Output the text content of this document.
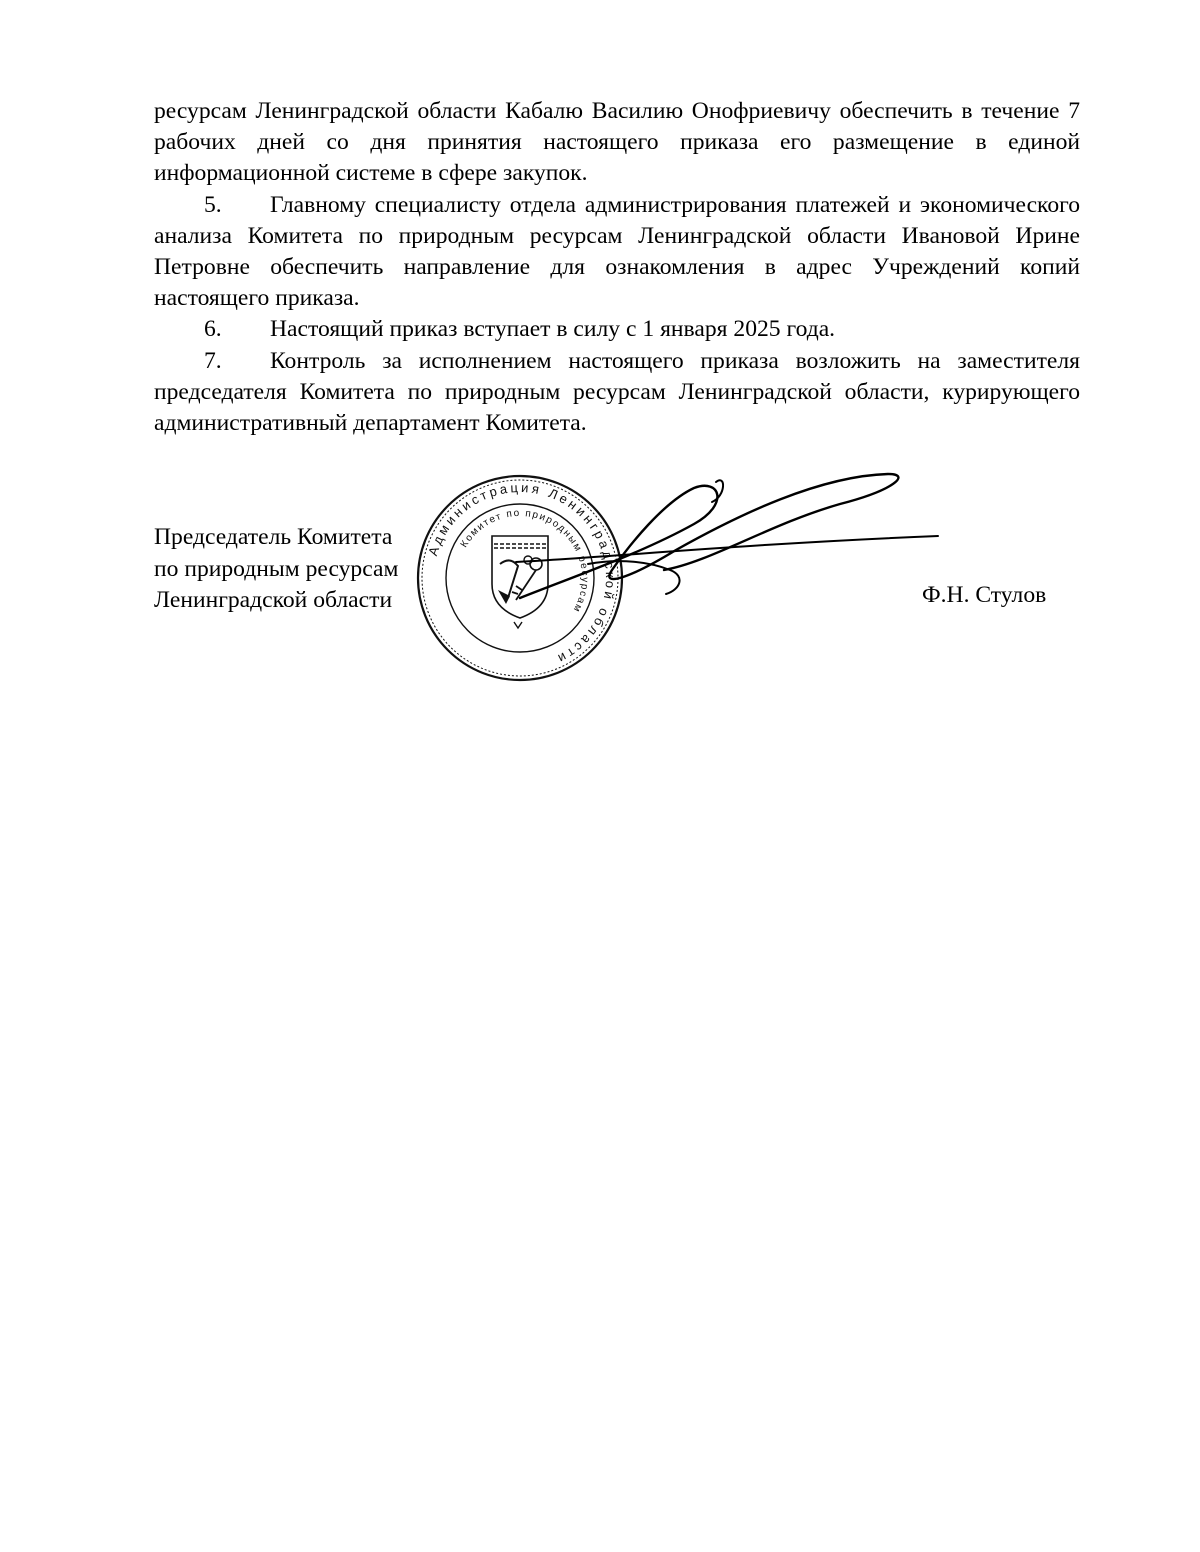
ресурсам Ленинградской области Кабалю Василию Онофриевичу обеспечить в течение 7 рабочих дней со дня принятия настоящего приказа его размещение в единой информационной системе в сфере закупок.

5. Главному специалисту отдела администрирования платежей и экономического анализа Комитета по природным ресурсам Ленинградской области Ивановой Ирине Петровне обеспечить направление для ознакомления в адрес Учреждений копий настоящего приказа.

6. Настоящий приказ вступает в силу с 1 января 2025 года.

7. Контроль за исполнением настоящего приказа возложить на заместителя председателя Комитета по природным ресурсам Ленинградской области, курирующего административный департамент Комитета.

Председатель Комитета
по природным ресурсам
Ленинградской области	Ф.Н. Стулов
Администрация Ленинградской области
Комитет по природным ресурсам
